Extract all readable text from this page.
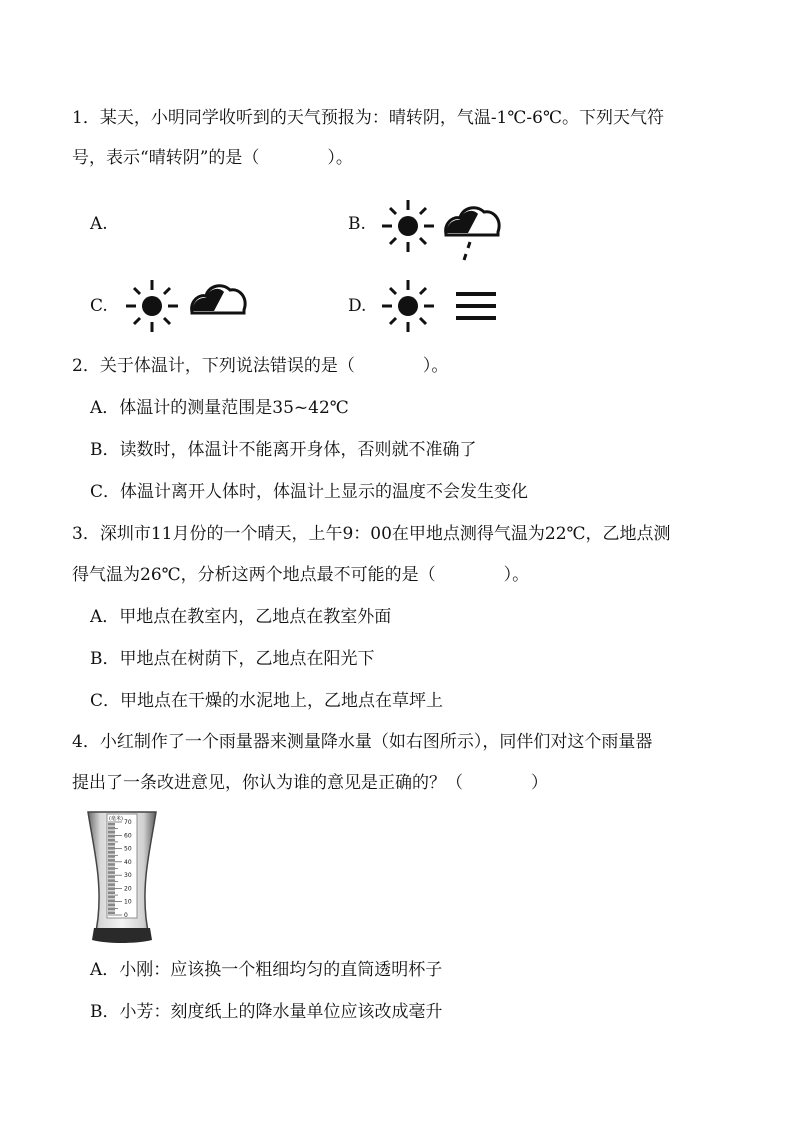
1．某天，小明同学收听到的天气预报为：晴转阴，气温-1℃-6℃。下列天气符
号，表示“晴转阴”的是（　　　　）。
A.	B.
C.	D.
2．关于体温计，下列说法错误的是（　　　　）。
A．体温计的测量范围是35~42℃
B．读数时，体温计不能离开身体，否则就不准确了
C．体温计离开人体时，体温计上显示的温度不会发生变化
3．深圳市11月份的一个晴天，上午9：00在甲地点测得气温为22℃，乙地点测
得气温为26℃，分析这两个地点最不可能的是（　　　　）。
A．甲地点在教室内，乙地点在教室外面
B．甲地点在树荫下，乙地点在阳光下
C．甲地点在干燥的水泥地上，乙地点在草坪上
4．小红制作了一个雨量器来测量降水量（如右图所示），同伴们对这个雨量器
提出了一条改进意见，你认为谁的意见是正确的？（　　　　）
(毫米) 70
60
50
40
30
20
10
0
A．小刚：应该换一个粗细均匀的直筒透明杯子
B．小芳：刻度纸上的降水量单位应该改成毫升
